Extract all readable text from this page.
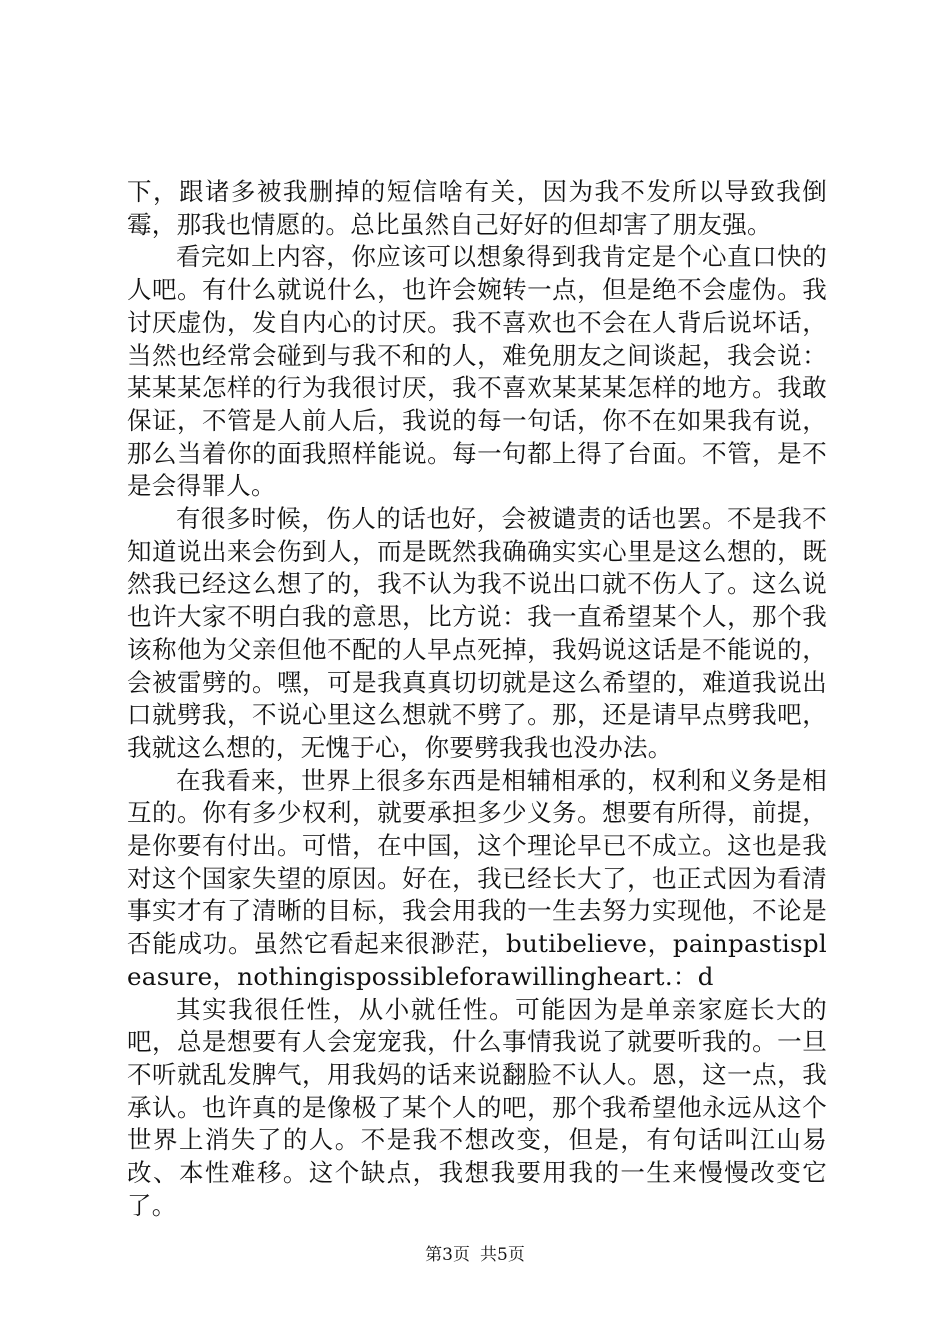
下，跟诸多被我删掉的短信啥有关，因为我不发所以导致我倒霉，那我也情愿的。总比虽然自己好好的但却害了朋友强。

看完如上内容，你应该可以想象得到我肯定是个心直口快的人吧。有什么就说什么，也许会婉转一点，但是绝不会虚伪。我讨厌虚伪，发自内心的讨厌。我不喜欢也不会在人背后说坏话，当然也经常会碰到与我不和的人，难免朋友之间谈起，我会说：某某某怎样的行为我很讨厌，我不喜欢某某某怎样的地方。我敢保证，不管是人前人后，我说的每一句话，你不在如果我有说，那么当着你的面我照样能说。每一句都上得了台面。不管，是不是会得罪人。

有很多时候，伤人的话也好，会被谴责的话也罢。不是我不知道说出来会伤到人，而是既然我确确实实心里是这么想的，既然我已经这么想了的，我不认为我不说出口就不伤人了。这么说也许大家不明白我的意思，比方说：我一直希望某个人，那个我该称他为父亲但他不配的人早点死掉，我妈说这话是不能说的，会被雷劈的。嘿，可是我真真切切就是这么希望的，难道我说出口就劈我，不说心里这么想就不劈了。那，还是请早点劈我吧，我就这么想的，无愧于心，你要劈我我也没办法。

在我看来，世界上很多东西是相辅相承的，权利和义务是相互的。你有多少权利，就要承担多少义务。想要有所得，前提，是你要有付出。可惜，在中国，这个理论早已不成立。这也是我对这个国家失望的原因。好在，我已经长大了，也正式因为看清事实才有了清晰的目标，我会用我的一生去努力实现他，不论是否能成功。虽然它看起来很渺茫，butibelieve，painpastispleasure，nothingispossibleforawillingheart.：d

其实我很任性，从小就任性。可能因为是单亲家庭长大的吧，总是想要有人会宠宠我，什么事情我说了就要听我的。一旦不听就乱发脾气，用我妈的话来说翻脸不认人。恩，这一点，我承认。也许真的是像极了某个人的吧，那个我希望他永远从这个世界上消失了的人。不是我不想改变，但是，有句话叫江山易改、本性难移。这个缺点，我想我要用我的一生来慢慢改变它了。

第3页 共5页
